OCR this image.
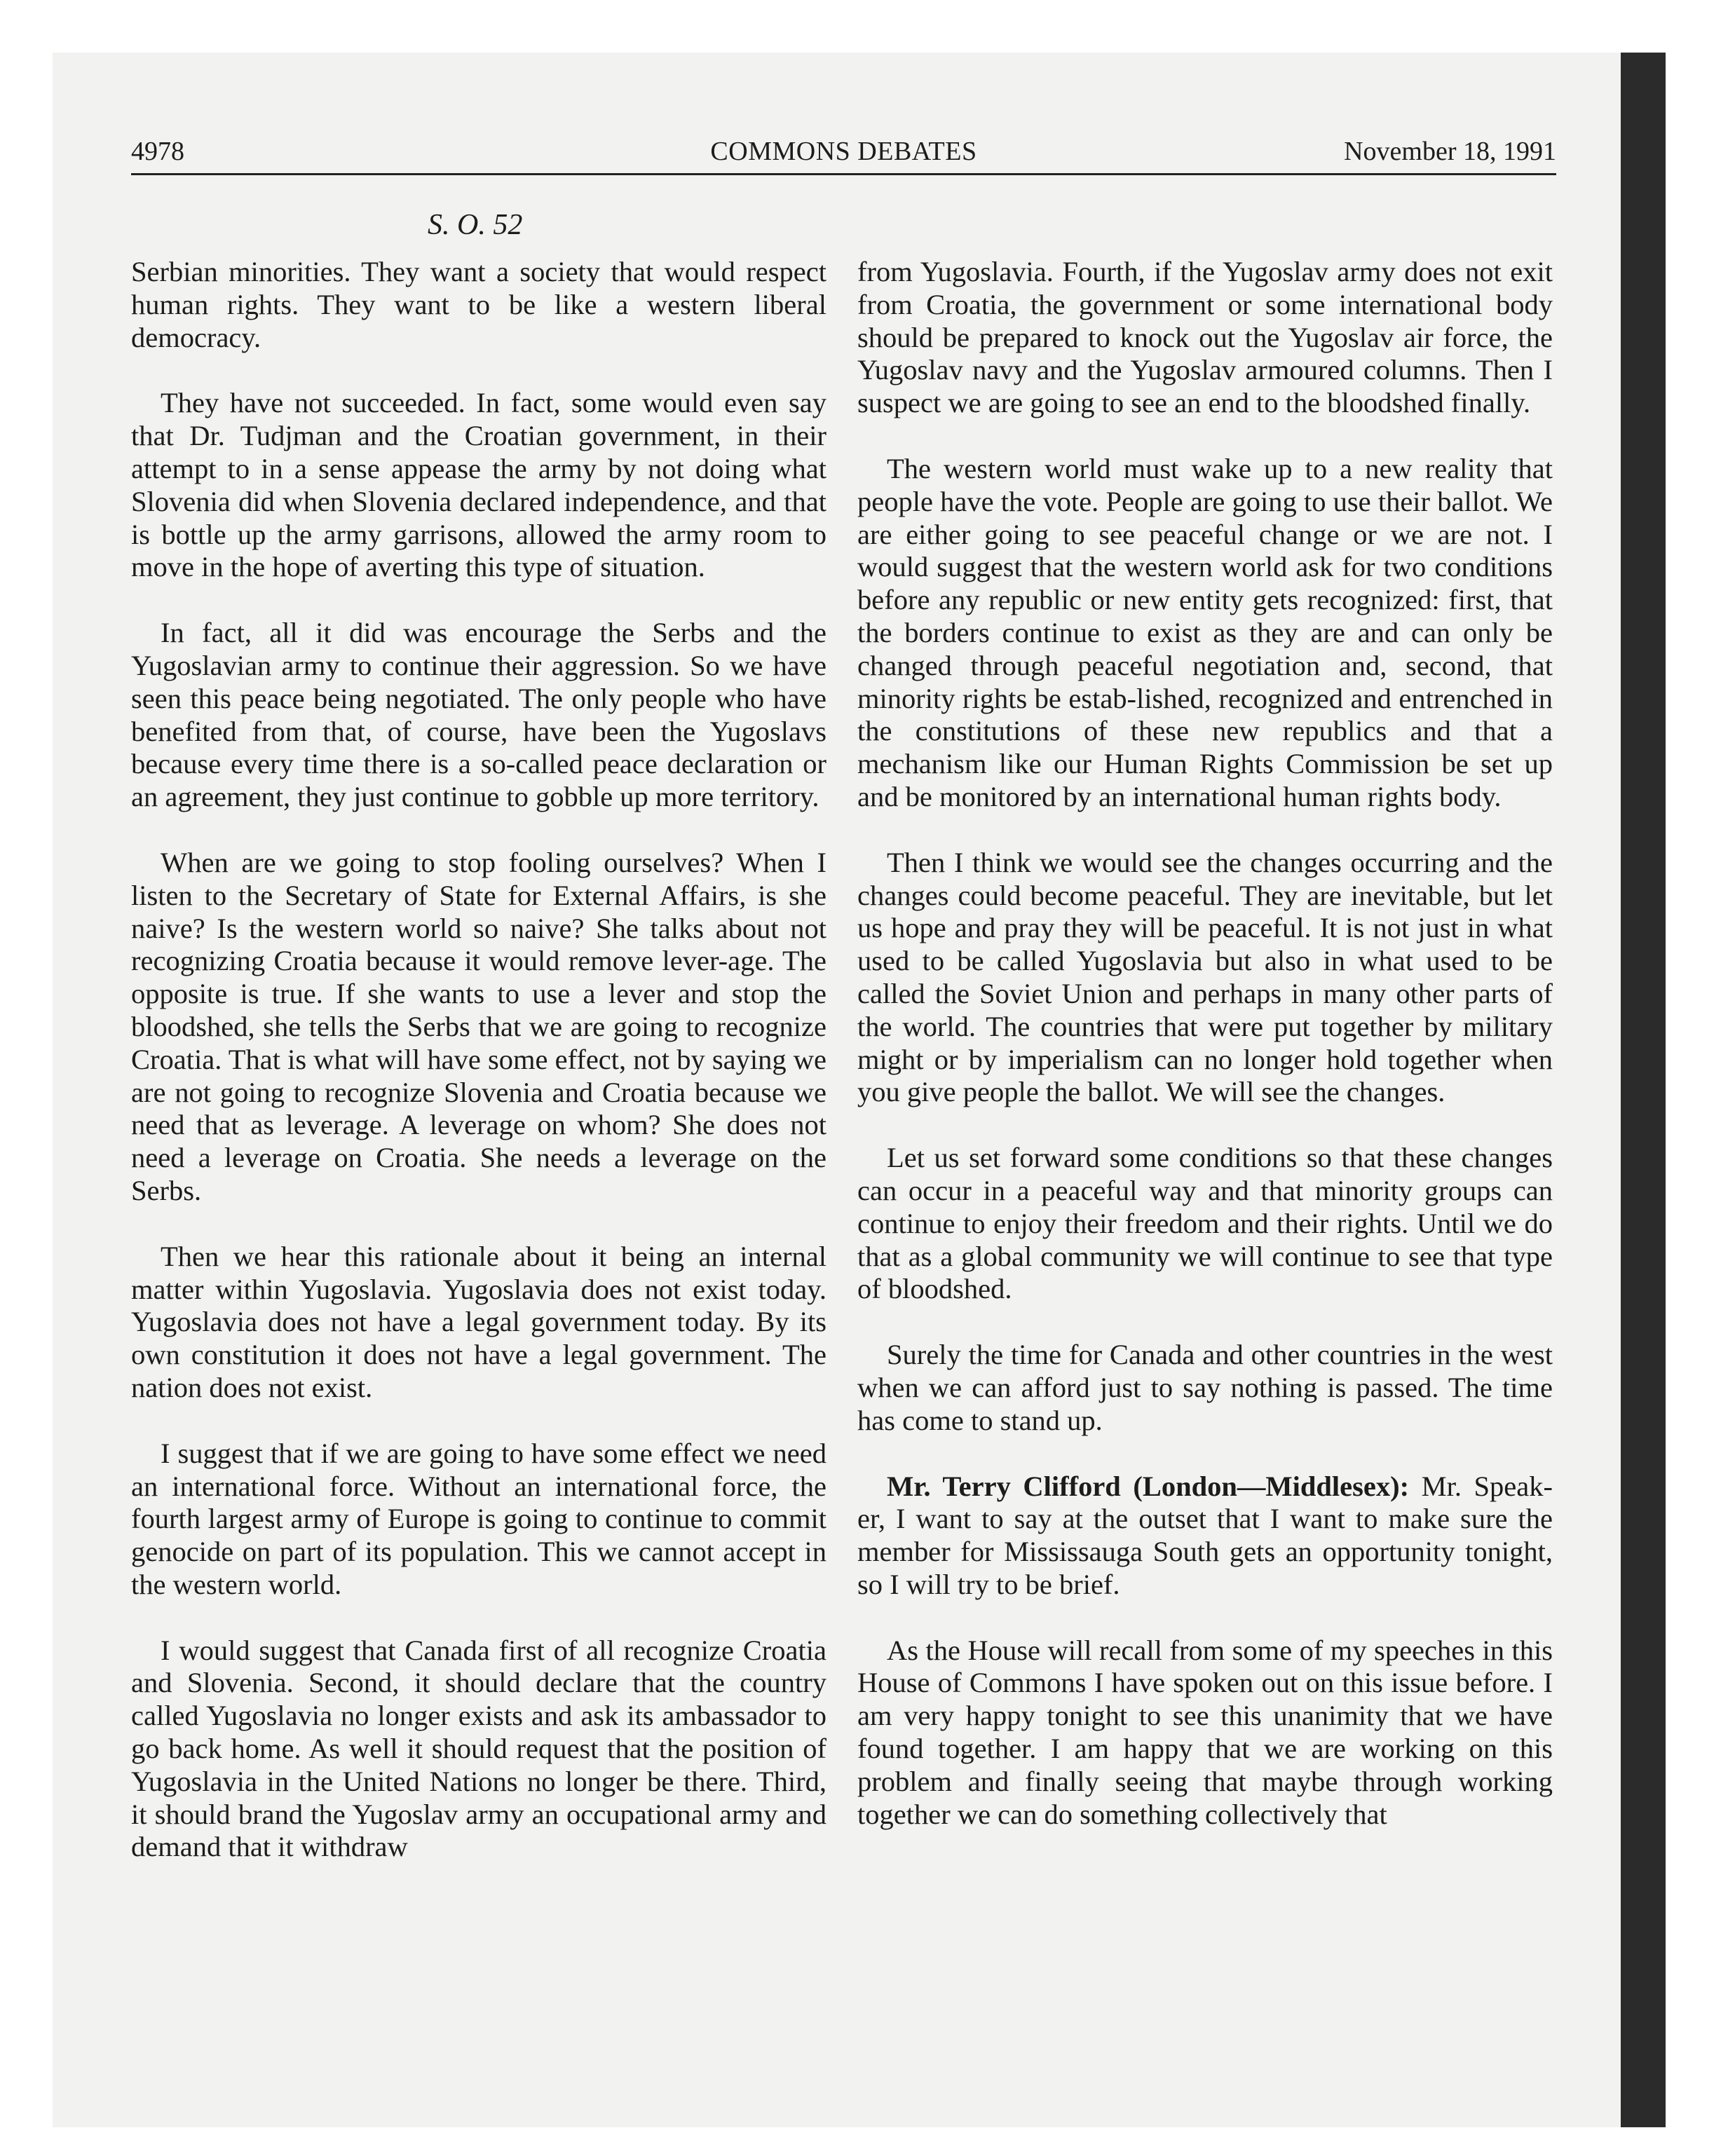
4978	COMMONS DEBATES	November 18, 1991
S. O. 52

Serbian minorities. They want a society that would respect human rights. They want to be like a western liberal democracy.

They have not succeeded. In fact, some would even say that Dr. Tudjman and the Croatian government, in their attempt to in a sense appease the army by not doing what Slovenia did when Slovenia declared independence, and that is bottle up the army garrisons, allowed the army room to move in the hope of averting this type of situation.

In fact, all it did was encourage the Serbs and the Yugoslavian army to continue their aggression. So we have seen this peace being negotiated. The only people who have benefited from that, of course, have been the Yugoslavs because every time there is a so-called peace declaration or an agreement, they just continue to gobble up more territory.

When are we going to stop fooling ourselves? When I listen to the Secretary of State for External Affairs, is she naive? Is the western world so naive? She talks about not recognizing Croatia because it would remove lever-age. The opposite is true. If she wants to use a lever and stop the bloodshed, she tells the Serbs that we are going to recognize Croatia. That is what will have some effect, not by saying we are not going to recognize Slovenia and Croatia because we need that as leverage. A leverage on whom? She does not need a leverage on Croatia. She needs a leverage on the Serbs.

Then we hear this rationale about it being an internal matter within Yugoslavia. Yugoslavia does not exist today. Yugoslavia does not have a legal government today. By its own constitution it does not have a legal government. The nation does not exist.

I suggest that if we are going to have some effect we need an international force. Without an international force, the fourth largest army of Europe is going to continue to commit genocide on part of its population. This we cannot accept in the western world.

I would suggest that Canada first of all recognize Croatia and Slovenia. Second, it should declare that the country called Yugoslavia no longer exists and ask its ambassador to go back home. As well it should request that the position of Yugoslavia in the United Nations no longer be there. Third, it should brand the Yugoslav army an occupational army and demand that it withdraw

from Yugoslavia. Fourth, if the Yugoslav army does not exit from Croatia, the government or some international body should be prepared to knock out the Yugoslav air force, the Yugoslav navy and the Yugoslav armoured columns. Then I suspect we are going to see an end to the bloodshed finally.

The western world must wake up to a new reality that people have the vote. People are going to use their ballot. We are either going to see peaceful change or we are not. I would suggest that the western world ask for two conditions before any republic or new entity gets recognized: first, that the borders continue to exist as they are and can only be changed through peaceful negotiation and, second, that minority rights be estab-lished, recognized and entrenched in the constitutions of these new republics and that a mechanism like our Human Rights Commission be set up and be monitored by an international human rights body.

Then I think we would see the changes occurring and the changes could become peaceful. They are inevitable, but let us hope and pray they will be peaceful. It is not just in what used to be called Yugoslavia but also in what used to be called the Soviet Union and perhaps in many other parts of the world. The countries that were put together by military might or by imperialism can no longer hold together when you give people the ballot. We will see the changes.

Let us set forward some conditions so that these changes can occur in a peaceful way and that minority groups can continue to enjoy their freedom and their rights. Until we do that as a global community we will continue to see that type of bloodshed.

Surely the time for Canada and other countries in the west when we can afford just to say nothing is passed. The time has come to stand up.

Mr. Terry Clifford (London—Middlesex): Mr. Speak-er, I want to say at the outset that I want to make sure the member for Mississauga South gets an opportunity tonight, so I will try to be brief.

As the House will recall from some of my speeches in this House of Commons I have spoken out on this issue before. I am very happy tonight to see this unanimity that we have found together. I am happy that we are working on this problem and finally seeing that maybe through working together we can do something collectively that
